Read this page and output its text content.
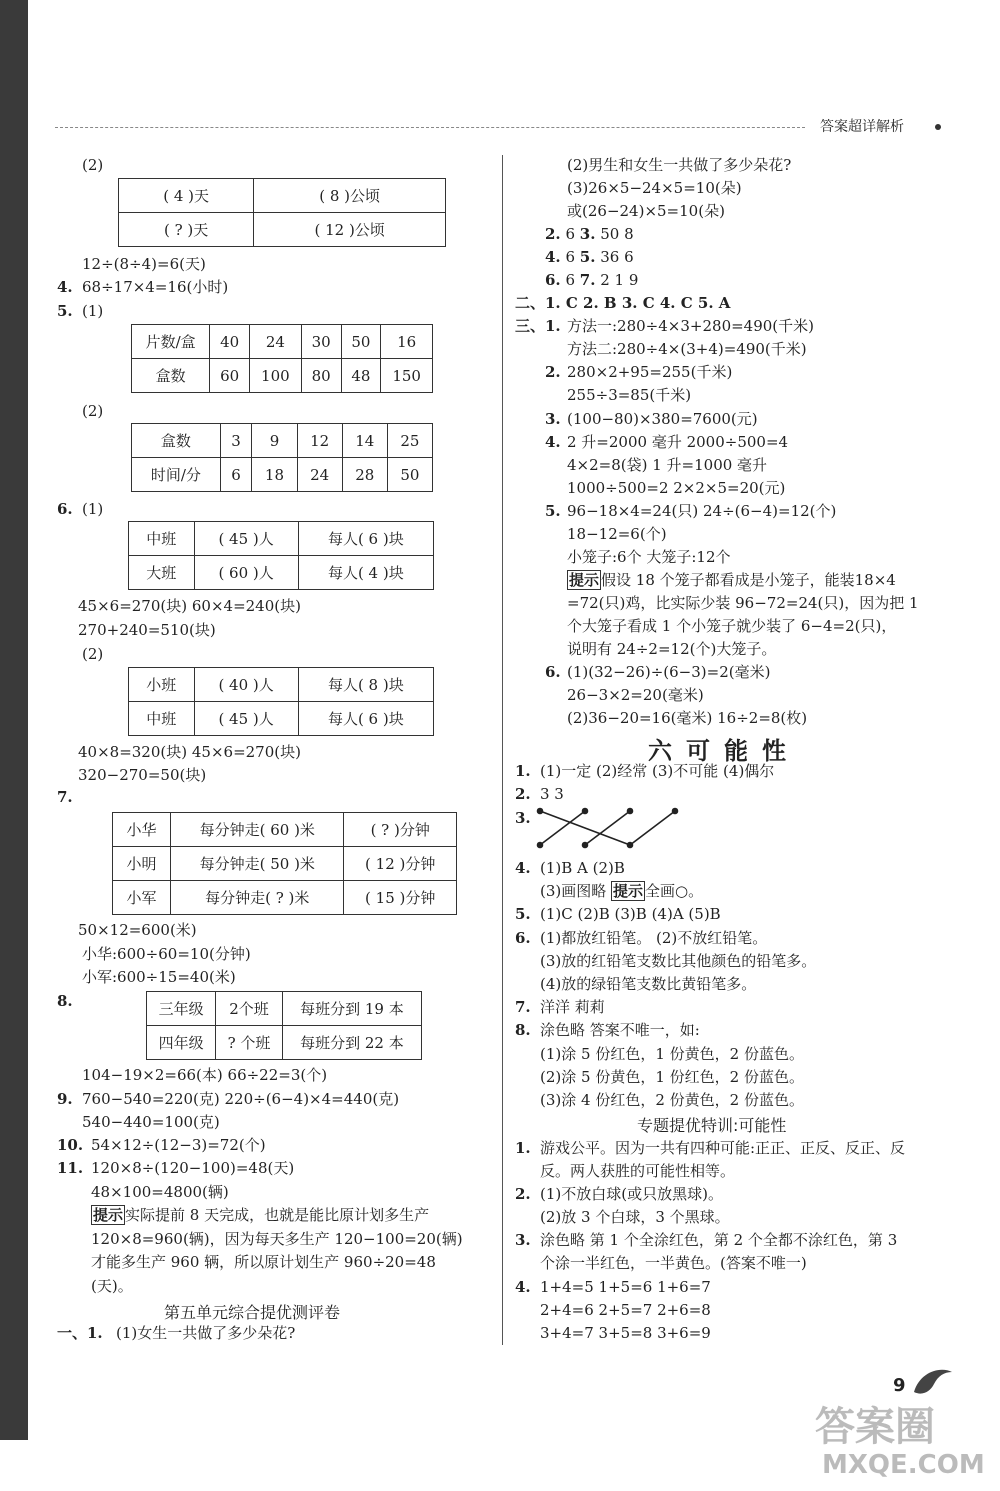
答案超详解析
(2)
( 4 )天	( 8 )公顷
( ? )天	( 12 )公顷
12÷(8÷4)=6(天)
4. 68÷17×4=16(小时)
5. (1)
片数/盒	40	24	30	50	16
盒数	60	100	80	48	150
(2)
盒数	3	9	12	14	25
时间/分	6	18	24	28	50
6. (1)
中班	( 45 )人	每人( 6 )块
大班	( 60 )人	每人( 4 )块
45×6=270(块) 60×4=240(块)
270+240=510(块)
(2)
小班	( 40 )人	每人( 8 )块
中班	( 45 )人	每人( 6 )块
40×8=320(块) 45×6=270(块)
320−270=50(块)
7.
小华	每分钟走( 60 )米	( ? )分钟
小明	每分钟走( 50 )米	( 12 )分钟
小军	每分钟走( ? )米	( 15 )分钟
50×12=600(米)
小华:600÷60=10(分钟)
小军:600÷15=40(米)
8.	三年级	2个班	每班分到 19 本
四年级	? 个班	每班分到 22 本
104−19×2=66(本) 66÷22=3(个)
9. 760−540=220(克) 220÷(6−4)×4=440(克)
540−440=100(克)
10. 54×12÷(12−3)=72(个)
11. 120×8÷(120−100)=48(天)
48×100=4800(辆)
提示 实际提前 8 天完成，也就是能比原计划多生产
120×8=960(辆)，因为每天多生产 120−100=20(辆)
才能多生产 960 辆，所以原计划生产 960÷20=48
(天)。
第五单元综合提优测评卷
一、1. (1)女生一共做了多少朵花?
(2)男生和女生一共做了多少朵花?
(3)26×5−24×5=10(朵)
或(26−24)×5=10(朵)
2. 6 3. 50 8
4. 6 5. 36 6
6. 6 7. 2 1 9
二、1. C 2. B 3. C 4. C 5. A
三、1. 方法一:280÷4×3+280=490(千米)
方法二:280÷4×(3+4)=490(千米)
2. 280×2+95=255(千米)
255÷3=85(千米)
3. (100−80)×380=7600(元)
4. 2 升=2000 毫升 2000÷500=4
4×2=8(袋) 1 升=1000 毫升
1000÷500=2 2×2×5=20(元)
5. 96−18×4=24(只) 24÷(6−4)=12(个)
18−12=6(个)
小笼子:6个 大笼子:12个
提示 假设 18 个笼子都看成是小笼子，能装18×4
=72(只)鸡，比实际少装 96−72=24(只)，因为把 1
个大笼子看成 1 个小笼子就少装了 6−4=2(只)，
说明有 24÷2=12(个)大笼子。
6. (1)(32−26)÷(6−3)=2(毫米)
26−3×2=20(毫米)
(2)36−20=16(毫米) 16÷2=8(枚)
六可能性
1. (1)一定 (2)经常 (3)不可能 (4)偶尔
2. 3 3
3.
4. (1)B A (2)B
(3)画图略 提示 全画○。
5. (1)C (2)B (3)B (4)A (5)B
6. (1)都放红铅笔。 (2)不放红铅笔。
(3)放的红铅笔支数比其他颜色的铅笔多。
(4)放的绿铅笔支数比黄铅笔多。
7. 洋洋 莉莉
8. 涂色略 答案不唯一，如:
(1)涂 5 份红色，1 份黄色，2 份蓝色。
(2)涂 5 份黄色，1 份红色，2 份蓝色。
(3)涂 4 份红色，2 份黄色，2 份蓝色。
专题提优特训:可能性
1. 游戏公平。因为一共有四种可能:正正、正反、反正、反
反。两人获胜的可能性相等。
2. (1)不放白球(或只放黑球)。
(2)放 3 个白球，3 个黑球。
3. 涂色略 第 1 个全涂红色，第 2 个全都不涂红色，第 3
个涂一半红色，一半黄色。(答案不唯一)
4. 1+4=5 1+5=6 1+6=7
2+4=6 2+5=7 2+6=8
3+4=7 3+5=8 3+6=9
9
答案圈
MXQE.COM
